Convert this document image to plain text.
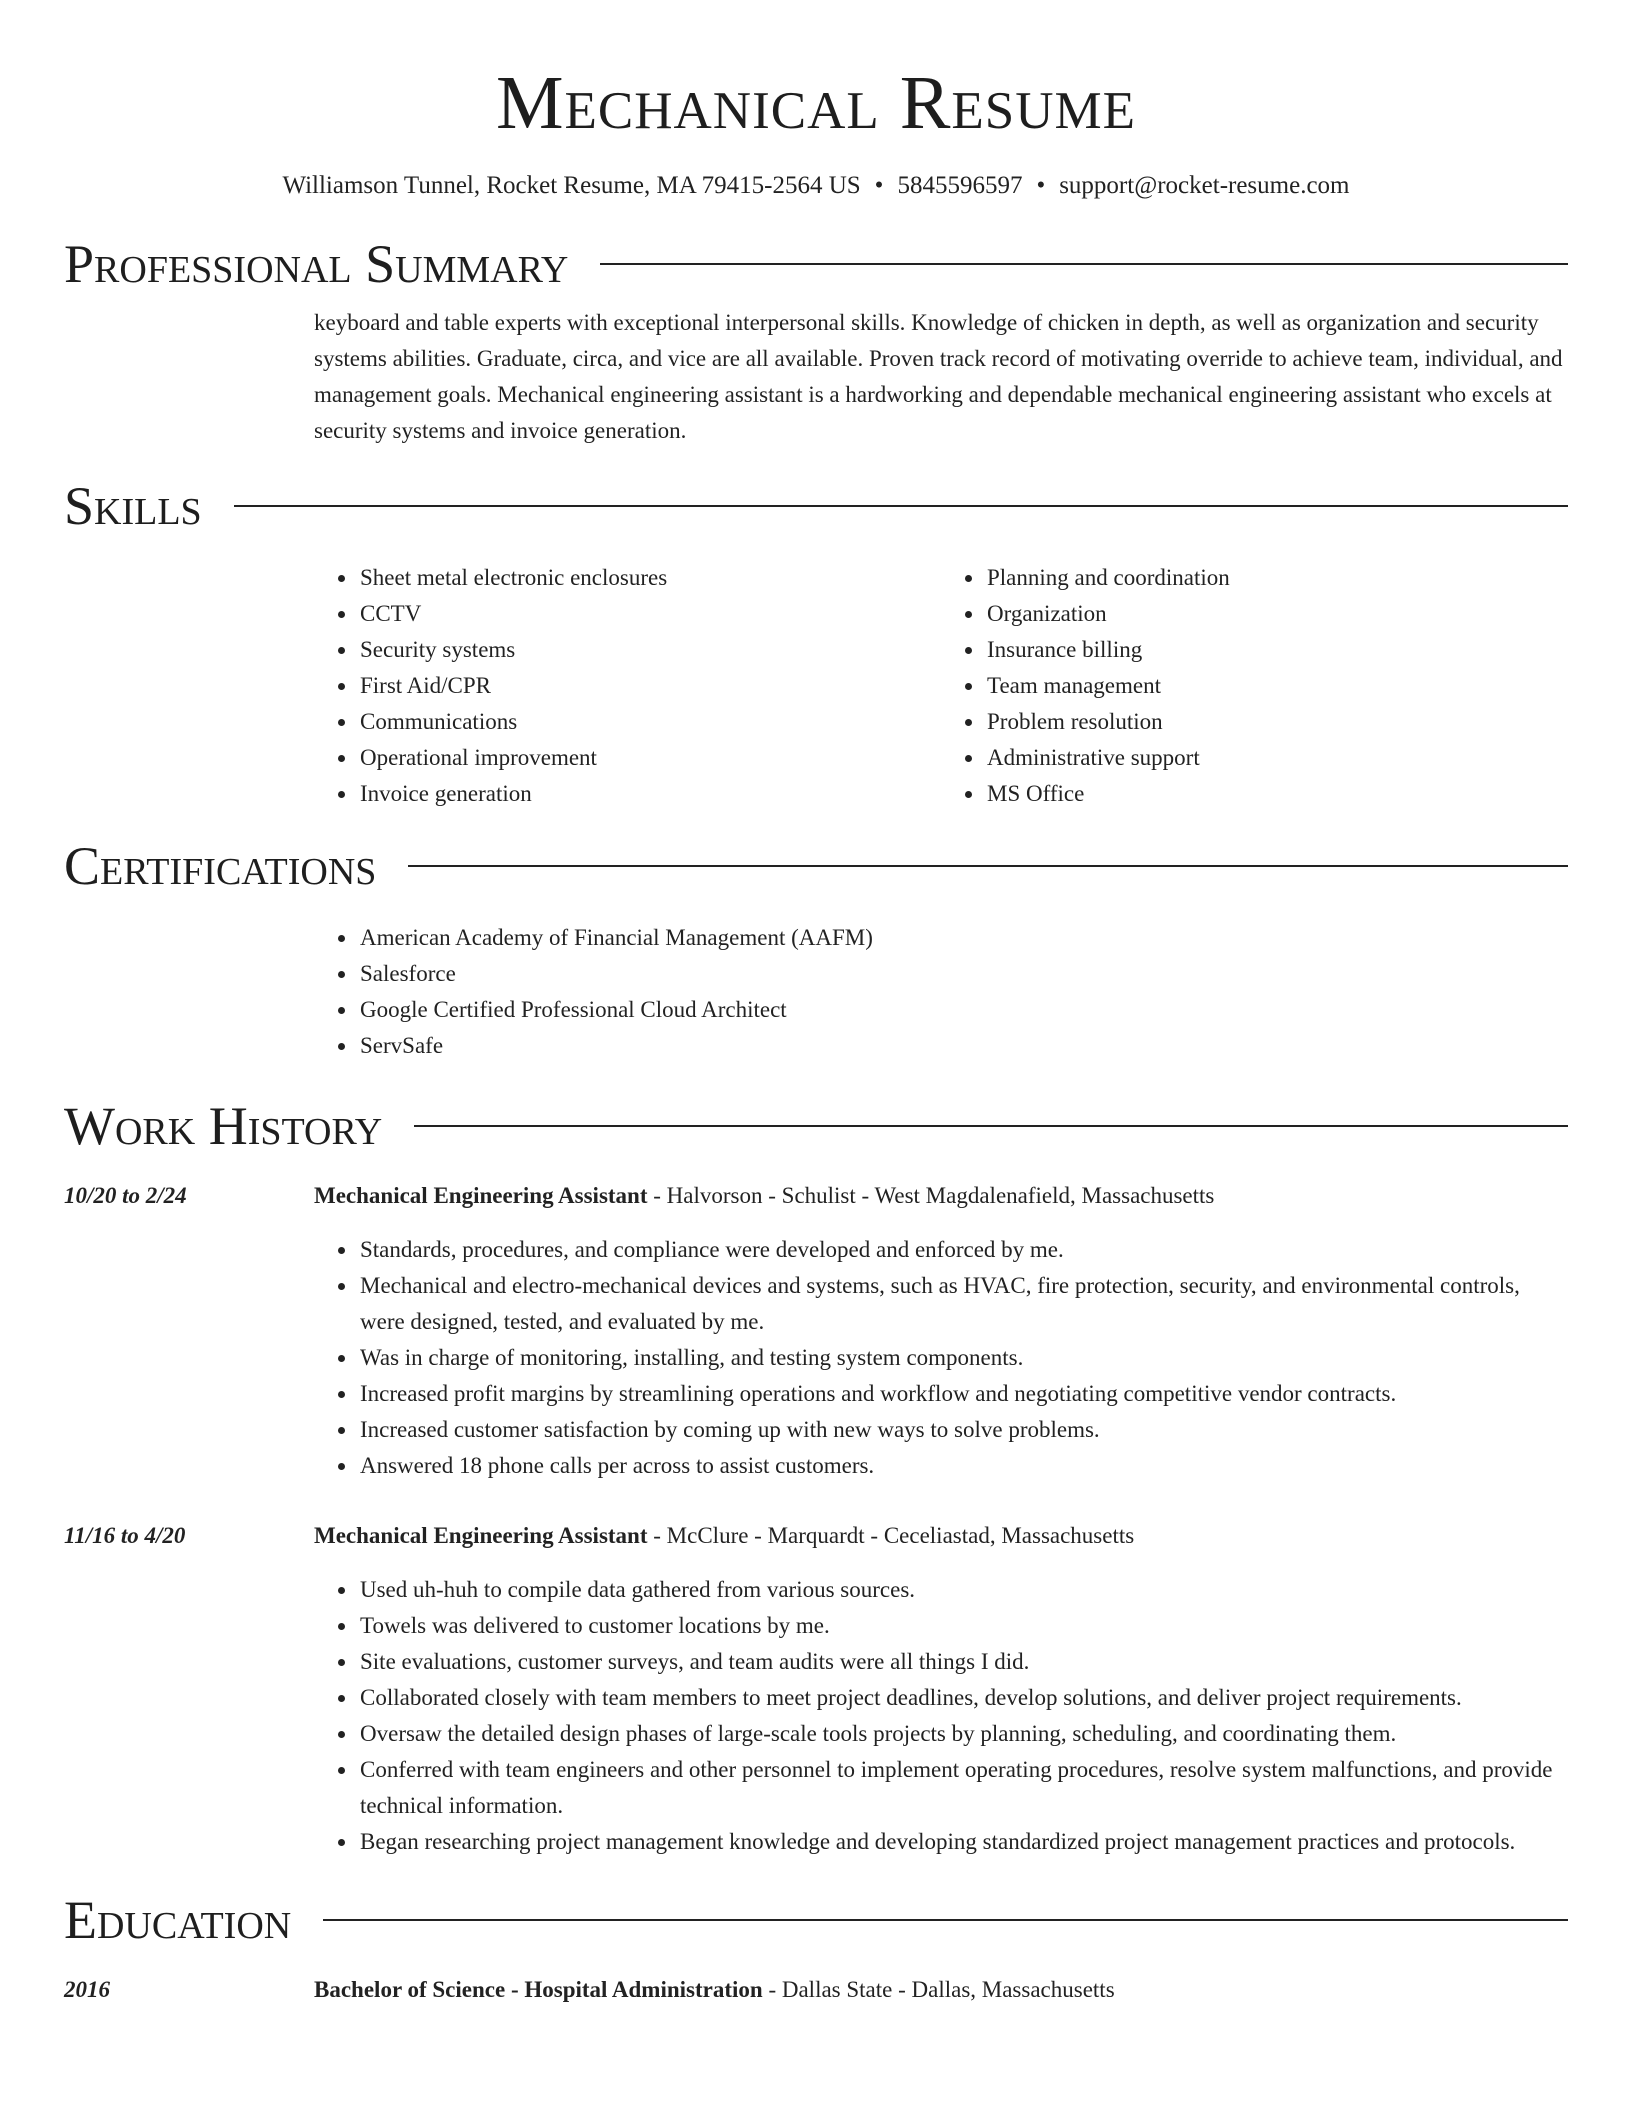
Mechanical Resume
Williamson Tunnel, Rocket Resume, MA 79415-2564 US • 5845596597 • support@rocket-resume.com
Professional Summary

keyboard and table experts with exceptional interpersonal skills. Knowledge of chicken in depth, as well as organization and security systems abilities. Graduate, circa, and vice are all available. Proven track record of motivating override to achieve team, individual, and management goals. Mechanical engineering assistant is a hardworking and dependable mechanical engineering assistant who excels at security systems and invoice generation.

Skills
• Sheet metal electronic enclosures
• CCTV
• Security systems
• First Aid/CPR
• Communications
• Operational improvement
• Invoice generation
• Planning and coordination
• Organization
• Insurance billing
• Team management
• Problem resolution
• Administrative support
• MS Office
Certifications
• American Academy of Financial Management (AAFM)
• Salesforce
• Google Certified Professional Cloud Architect
• ServSafe
Work History
10/20 to 2/24	Mechanical Engineering Assistant - Halvorson - Schulist - West Magdalenafield, Massachusetts
• Standards, procedures, and compliance were developed and enforced by me.
• Mechanical and electro-mechanical devices and systems, such as HVAC, fire protection, security, and environmental controls, were designed, tested, and evaluated by me.
• Was in charge of monitoring, installing, and testing system components.
• Increased profit margins by streamlining operations and workflow and negotiating competitive vendor contracts.
• Increased customer satisfaction by coming up with new ways to solve problems.
• Answered 18 phone calls per across to assist customers.
11/16 to 4/20	Mechanical Engineering Assistant - McClure - Marquardt - Ceceliastad, Massachusetts
• Used uh-huh to compile data gathered from various sources.
• Towels was delivered to customer locations by me.
• Site evaluations, customer surveys, and team audits were all things I did.
• Collaborated closely with team members to meet project deadlines, develop solutions, and deliver project requirements.
• Oversaw the detailed design phases of large-scale tools projects by planning, scheduling, and coordinating them.
• Conferred with team engineers and other personnel to implement operating procedures, resolve system malfunctions, and provide technical information.
• Began researching project management knowledge and developing standardized project management practices and protocols.
Education
2016	Bachelor of Science - Hospital Administration - Dallas State - Dallas, Massachusetts
